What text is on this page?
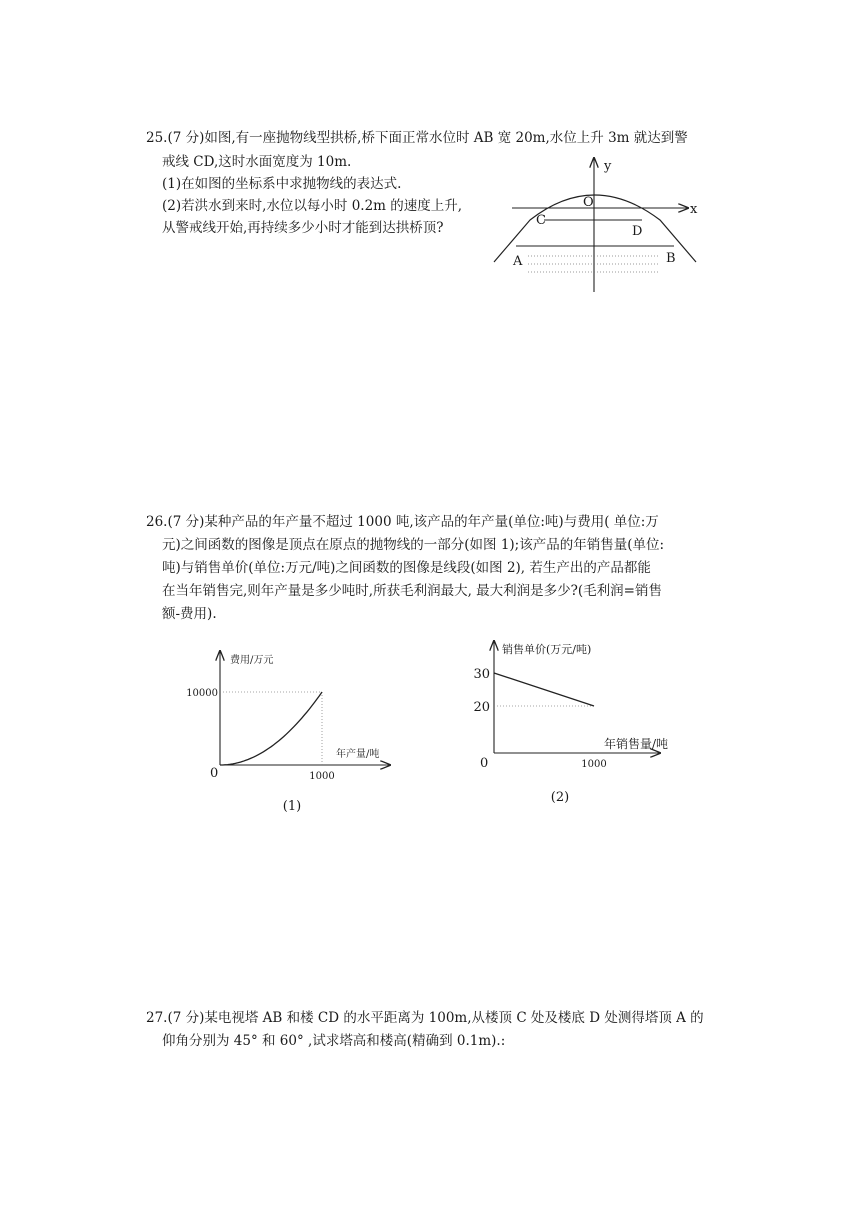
25.(7 分)如图,有一座抛物线型拱桥,桥下面正常水位时 AB 宽 20m,水位上升 3m 就达到警
戒线 CD,这时水面宽度为 10m.
(1)在如图的坐标系中求抛物线的表达式.
(2)若洪水到来时,水位以每小时 0.2m 的速度上升,
从警戒线开始,再持续多少小时才能到达拱桥顶?
y
x
O
C
D
A	B
26.(7 分)某种产品的年产量不超过 1000 吨,该产品的年产量(单位:吨)与费用( 单位:万
元)之间函数的图像是顶点在原点的抛物线的一部分(如图 1);该产品的年销售量(单位:
吨)与销售单价(单位:万元/吨)之间函数的图像是线段(如图 2), 若生产出的产品都能
在当年销售完,则年产量是多少吨时,所获毛利润最大, 最大利润是多少?(毛利润=销售
额-费用).
费用/万元
年产量/吨
0	1000
10000
(1)
销售单价(万元/吨)
年销售量/吨
0	1000
30
20
(2)
27.(7 分)某电视塔 AB 和楼 CD 的水平距离为 100m,从楼顶 C 处及楼底 D 处测得塔顶 A 的
仰角分别为 45° 和 60° ,试求塔高和楼高(精确到 0.1m).:
